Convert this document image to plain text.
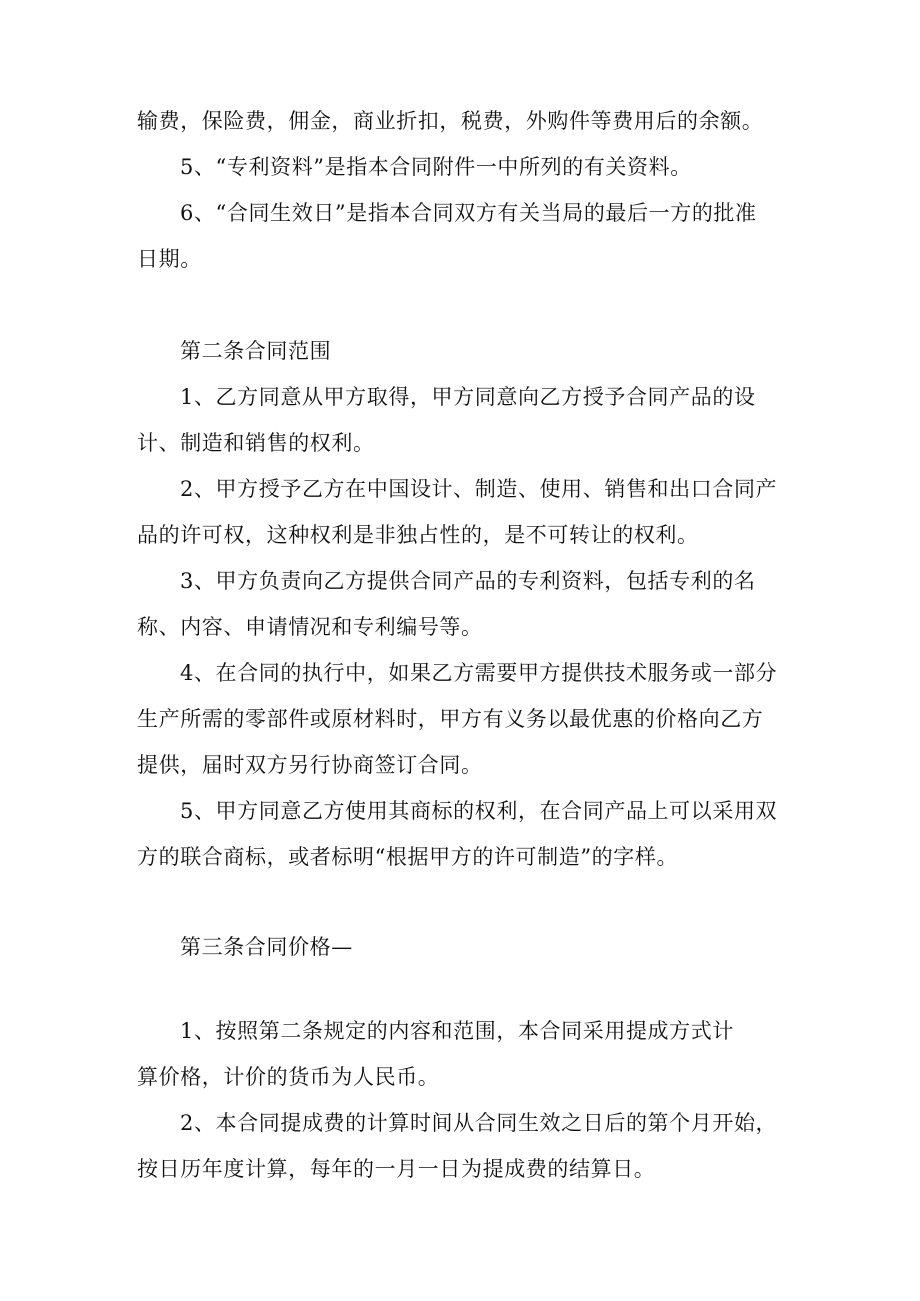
输费，保险费，佣金，商业折扣，税费，外购件等费用后的余额。
5、“专利资料”是指本合同附件一中所列的有关资料。
6、“合同生效日”是指本合同双方有关当局的最后一方的批准
日期。
第二条合同范围
1、乙方同意从甲方取得，甲方同意向乙方授予合同产品的设
计、制造和销售的权利。
2、甲方授予乙方在中国设计、制造、使用、销售和出口合同产
品的许可权，这种权利是非独占性的，是不可转让的权利。
3、甲方负责向乙方提供合同产品的专利资料，包括专利的名
称、内容、申请情况和专利编号等。
4、在合同的执行中，如果乙方需要甲方提供技术服务或一部分
生产所需的零部件或原材料时，甲方有义务以最优惠的价格向乙方
提供，届时双方另行协商签订合同。
5、甲方同意乙方使用其商标的权利，在合同产品上可以采用双
方的联合商标，或者标明“根据甲方的许可制造”的字样。
第三条合同价格—
1、按照第二条规定的内容和范围，本合同采用提成方式计
算价格，计价的货币为人民币。
2、本合同提成费的计算时间从合同生效之日后的第个月开始，
按日历年度计算，每年的一月一日为提成费的结算日。
